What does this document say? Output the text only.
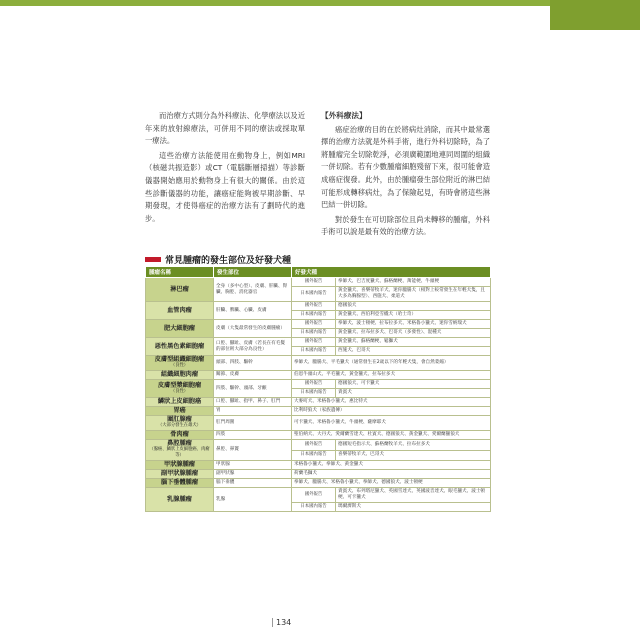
而治療方式則分為外科療法、化學療法以及近年來的放射線療法，可併用不同的療法或採取單一療法。

這些治療方法能使用在動物身上，例如MRI（核磁共振造影）或CT（電腦斷層掃描）等診斷儀器開始應用於動物身上有很大的關係。由於這些診斷儀器的功能，讓癌症能夠被早期診斷、早期發現，才使得癌症的治療方法有了劃時代的進步。

【外科療法】

癌症治療的目的在於將病灶消除，而其中最常選擇的治療方法就是外科手術，進行外科切除時，為了將腫瘤完全切除乾淨，必須廣範圍地連同周圍的組織一併切除。若有少數腫瘤細胞殘留下來，很可能會造成癌症復發。此外，由於腫瘤發生部位附近的淋巴結可能形成轉移病灶，為了保險起見，有時會將這些淋巴結一併切除。

對於發生在可切除部位且尚未轉移的腫瘤，外科手術可以說是最有效的治療方法。

常見腫瘤的發生部位及好發犬種
腫瘤名稱	發生部位	好發犬種	
淋巴瘤	全身（多中心型）、皮膚、肝臟、腎臟、胸腔、消化器官	國外報告	拳師犬、巴吉度獵犬、蘇格蘭梗、萬能梗、牛頭梗
		日本國內報告	黃金獵犬、喜樂蒂牧羊犬、迷你臘腸犬（相對上較常發生在年輕犬隻，且大多為胸腺型）、西施犬、柔道犬
血管肉瘤	肝臟、脾臟、心臟、皮膚	國外報告	德國狼犬
		日本國內報告	黃金獵犬、西伯利亞雪橇犬（哈士奇）
肥大細胞瘤	皮膚（大隻最常發生的皮膚腫瘤）	國外報告	拳師犬、波士頓梗、拉布拉多犬、米格魯小獵犬、迷你雪納瑞犬
		日本國內報告	黃金獵犬、拉布拉多犬、巴哥犬（多發性）、混種犬
惡性黑色素細胞瘤	口腔、腳趾、皮膚（若長在有毛髮的部位則大部分為良性）	國外報告	黃金獵犬、蘇格蘭梗、鬆獅犬
		日本國內報告	西施犬、巴哥犬
皮膚型組織細胞瘤
（良性）	頭部、四肢、驅幹	拳師犬、臘腸犬、平毛獵犬（通常發生在2歲以下的年輕犬隻，會自然萎縮）	
組織細胞肉瘤	關節、皮膚	伯恩牛頭山犬、平毛獵犬、黃金獵犬、拉布拉多犬	
皮膚型漿細胞瘤
（良性）	四肢、驅幹、頭部、牙齦	國外報告	德國狼犬、可卡獵犬
		日本國內報告	貴賓犬
鱗狀上皮細胞癌	口腔、腳趾、指甲、鼻子、肛門	大麥町犬、米格魯小獵犬、惠比特犬	
胃癌	胃	比利時狼犬（家族遺傳）	
圍肛腺瘤
（大部分發生在雄犬）	肛門周圍	可卡獵犬、米格魯小獵犬、牛頭梗、薩摩耶犬	
骨肉瘤	四肢	聖伯納犬、大丹犬、愛爾蘭雪達犬、杜賓犬、德國狼犬、黃金獵犬、愛爾蘭獵狼犬	
鼻腔腫瘤
（腺癌、鱗狀上皮細胞癌、肉瘤等）	鼻腔、鼻竇	國外報告	德國短毛指示犬、蘇格蘭牧羊犬、拉布拉多犬
		日本國內報告	喜樂蒂牧羊犬、巴哥犬
甲狀腺腫瘤	甲狀腺	米格魯小獵犬、拳師犬、黃金獵犬	
副甲狀腺腫瘤	副甲狀腺	荷蘭毛獅犬	
腦下垂體腫瘤	腦下垂體	拳師犬、臘腸犬、米格魯小獵犬、拳師犬、德國狼犬、波士頓梗	
乳腺腫瘤	乳腺	國外報告	貴賓犬、布列塔尼獵犬、英國雪達犬、英國波音達犬、眼毛獵犬、波士頓梗、可卡獵犬
		日本國內報告	瑪爾濟斯犬
134
